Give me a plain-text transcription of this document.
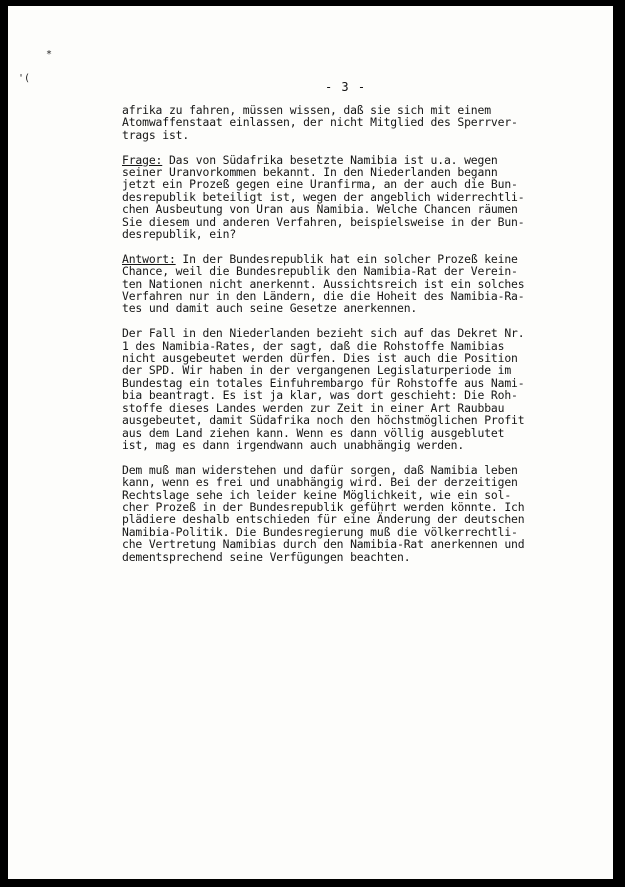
*
'(
- 3 -
afrika zu fahren, müssen wissen, daß sie sich mit einem
Atomwaffenstaat einlassen, der nicht Mitglied des Sperrver-
trags ist.
Frage: Das von Südafrika besetzte Namibia ist u.a. wegen
seiner Uranvorkommen bekannt. In den Niederlanden begann
jetzt ein Prozeß gegen eine Uranfirma, an der auch die Bun-
desrepublik beteiligt ist, wegen der angeblich widerrechtli-
chen Ausbeutung von Uran aus Namibia. Welche Chancen räumen
Sie diesem und anderen Verfahren, beispielsweise in der Bun-
desrepublik, ein?
Antwort: In der Bundesrepublik hat ein solcher Prozeß keine
Chance, weil die Bundesrepublik den Namibia-Rat der Verein-
ten Nationen nicht anerkennt. Aussichtsreich ist ein solches
Verfahren nur in den Ländern, die die Hoheit des Namibia-Ra-
tes und damit auch seine Gesetze anerkennen.
Der Fall in den Niederlanden bezieht sich auf das Dekret Nr.
1 des Namibia-Rates, der sagt, daß die Rohstoffe Namibias
nicht ausgebeutet werden dürfen. Dies ist auch die Position
der SPD. Wir haben in der vergangenen Legislaturperiode im
Bundestag ein totales Einfuhrembargo für Rohstoffe aus Nami-
bia beantragt. Es ist ja klar, was dort geschieht: Die Roh-
stoffe dieses Landes werden zur Zeit in einer Art Raubbau
ausgebeutet, damit Südafrika noch den höchstmöglichen Profit
aus dem Land ziehen kann. Wenn es dann völlig ausgeblutet
ist, mag es dann irgendwann auch unabhängig werden.
Dem muß man widerstehen und dafür sorgen, daß Namibia leben
kann, wenn es frei und unabhängig wird. Bei der derzeitigen
Rechtslage sehe ich leider keine Möglichkeit, wie ein sol-
cher Prozeß in der Bundesrepublik geführt werden könnte. Ich
plädiere deshalb entschieden für eine Änderung der deutschen
Namibia-Politik. Die Bundesregierung muß die völkerrechtli-
che Vertretung Namibias durch den Namibia-Rat anerkennen und
dementsprechend seine Verfügungen beachten.
